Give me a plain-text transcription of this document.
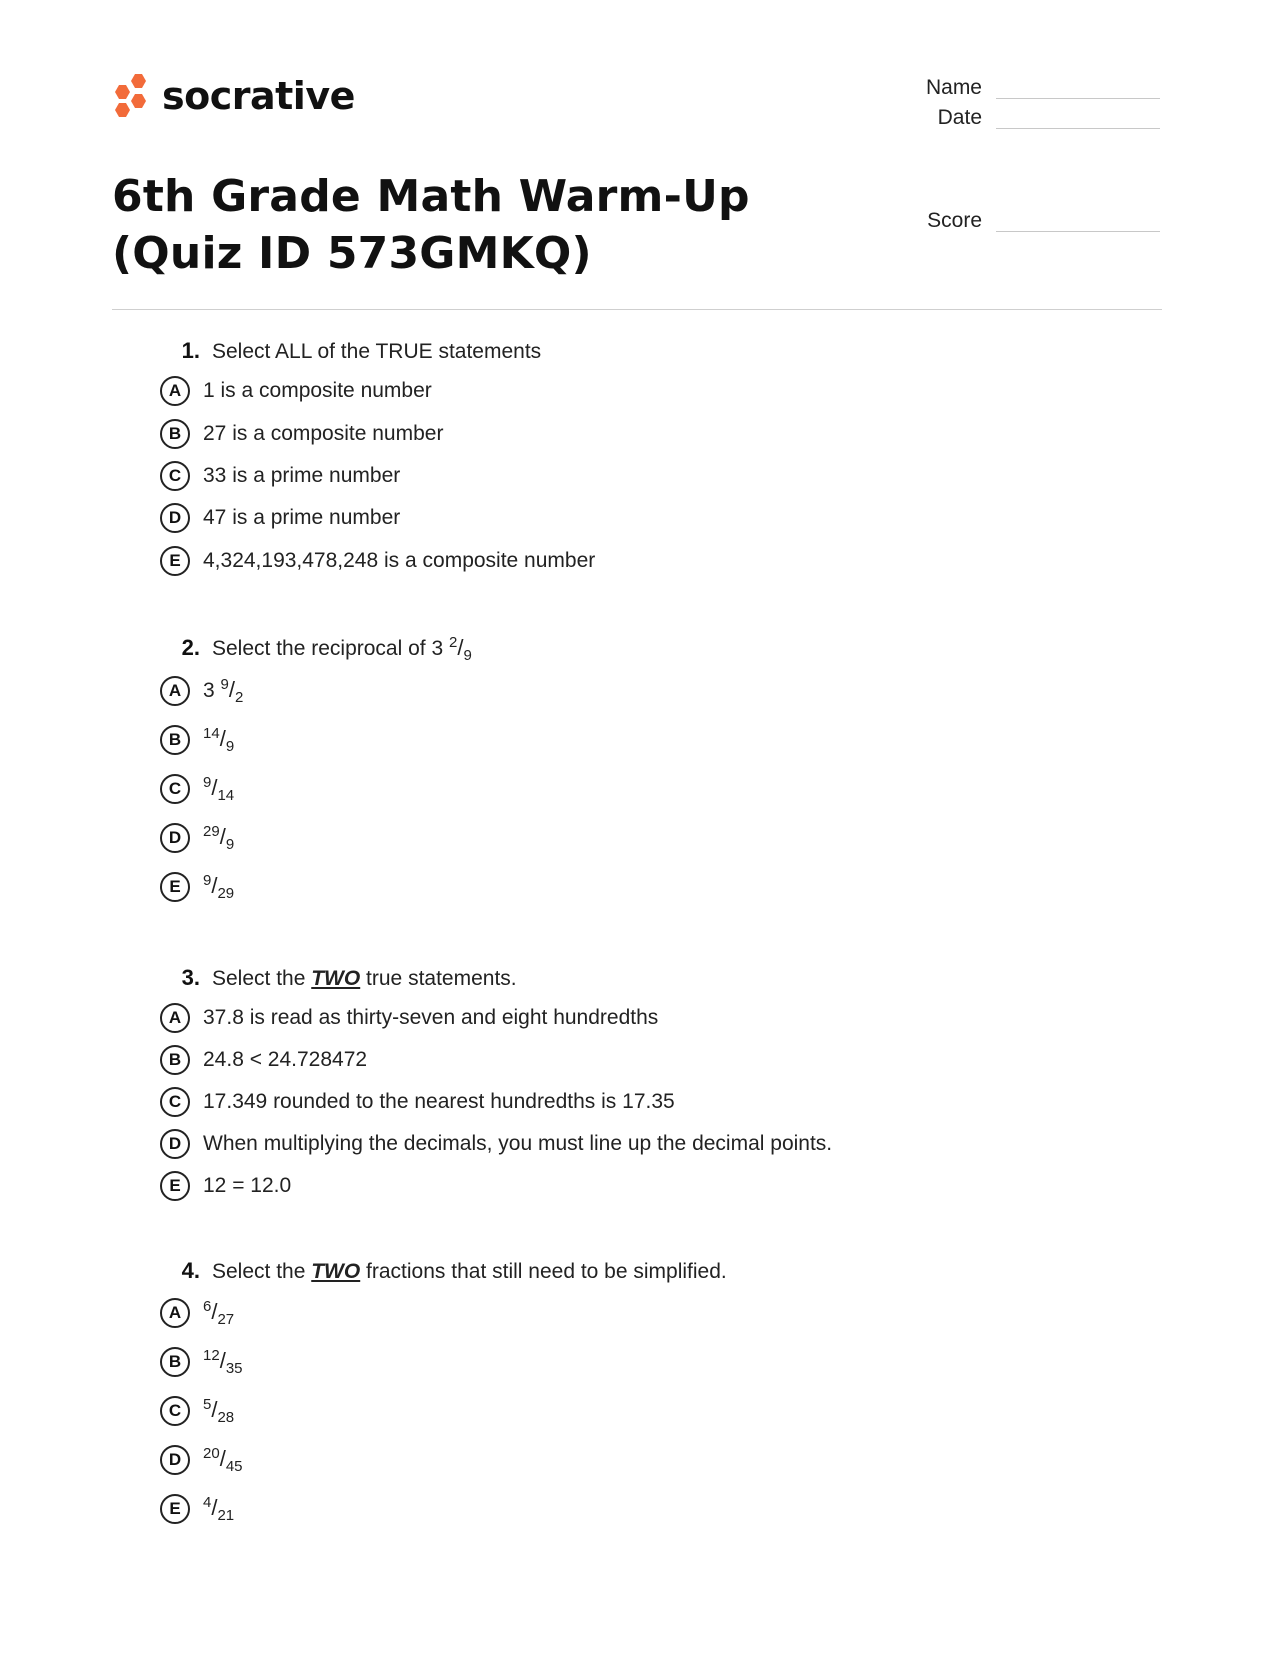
socrative	Name
Date
6th Grade Math Warm-Up (Quiz ID 573GMKQ)
Score
1. Select ALL of the TRUE statements
A	1 is a composite number
B	27 is a composite number
C	33 is a prime number
D	47 is a prime number
E	4,324,193,478,248 is a composite number
2. Select the reciprocal of 3 $^2/_9$
A	3 $^9/_2$
B	$^{14}/_9$
C	$^9/_{14}$
D	$^{29}/_9$
E	$^9/_{29}$
3. Select the TWO true statements.
A	37.8 is read as thirty-seven and eight hundredths
B	24.8 < 24.728472
C	17.349 rounded to the nearest hundredths is 17.35
D	When multiplying the decimals, you must line up the decimal points.
E	12 = 12.0
4. Select the TWO fractions that still need to be simplified.
A	$^6/_{27}$
B	$^{12}/_{35}$
C	$^5/_{28}$
D	$^{20}/_{45}$
E	$^4/_{21}$
